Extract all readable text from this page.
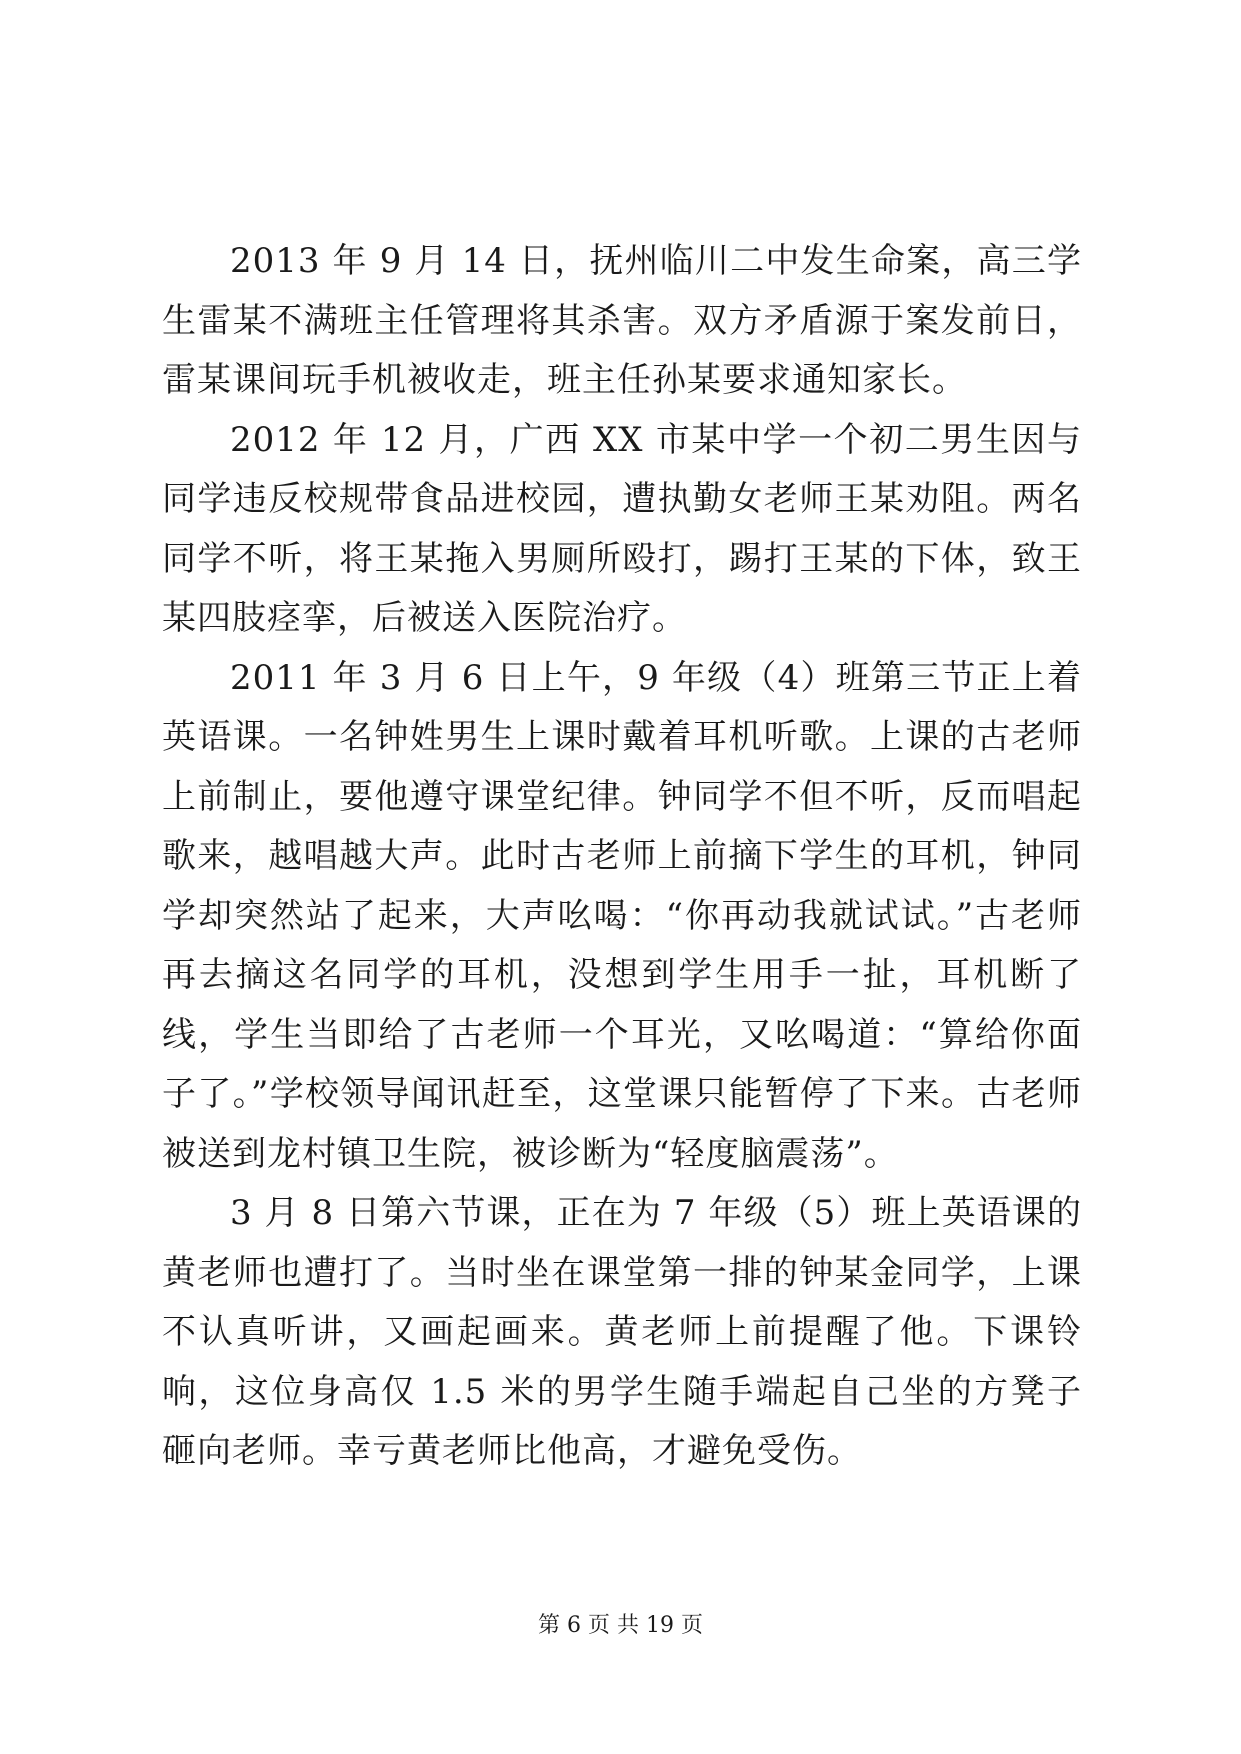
2013 年 9 月 14 日，抚州临川二中发生命案，高三学生雷某不满班主任管理将其杀害。双方矛盾源于案发前日，雷某课间玩手机被收走，班主任孙某要求通知家长。

2012 年 12 月，广西 XX 市某中学一个初二男生因与同学违反校规带食品进校园，遭执勤女老师王某劝阻。两名同学不听，将王某拖入男厕所殴打，踢打王某的下体，致王某四肢痉挛，后被送入医院治疗。

2011 年 3 月 6 日上午，9 年级（4）班第三节正上着英语课。一名钟姓男生上课时戴着耳机听歌。上课的古老师上前制止，要他遵守课堂纪律。钟同学不但不听，反而唱起歌来，越唱越大声。此时古老师上前摘下学生的耳机，钟同学却突然站了起来，大声吆喝：“你再动我就试试。”古老师再去摘这名同学的耳机，没想到学生用手一扯，耳机断了线，学生当即给了古老师一个耳光，又吆喝道：“算给你面子了。”学校领导闻讯赶至，这堂课只能暂停了下来。古老师被送到龙村镇卫生院，被诊断为“轻度脑震荡”。

3 月 8 日第六节课，正在为 7 年级（5）班上英语课的黄老师也遭打了。当时坐在课堂第一排的钟某金同学，上课不认真听讲，又画起画来。黄老师上前提醒了他。下课铃响，这位身高仅 1.5 米的男学生随手端起自己坐的方凳子砸向老师。幸亏黄老师比他高，才避免受伤。

第 6 页 共 19 页
